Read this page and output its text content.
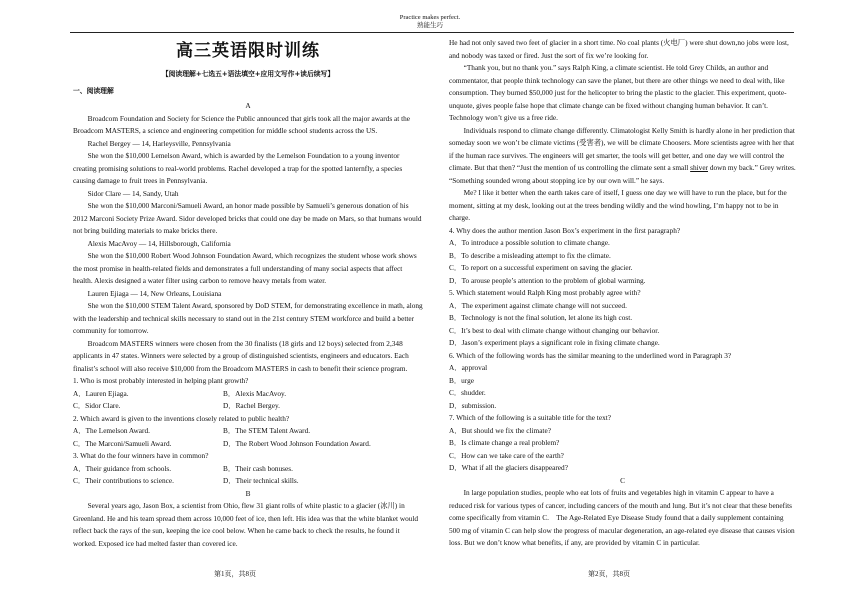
Practice makes perfect.
熟能生巧
高三英语限时训练
【阅读理解+七选五+语法填空+应用文写作+读后续写】
一、阅读理解
A

Broadcom Foundation and Society for Science the Public announced that girls took all the major awards at the Broadcom MASTERS, a science and engineering competition for middle school students across the US.

Rachel Bergey — 14, Harleysville, Pennsylvania

She won the $10,000 Lemelson Award, which is awarded by the Lemelson Foundation to a young inventor creating promising solutions to real-world problems. Rachel developed a trap for the spotted lanternfly, a species causing damage to fruit trees in Pennsylvania.

Sidor Clare — 14, Sandy, Utah

She won the $10,000 Marconi/Samueli Award, an honor made possible by Samueli’s generous donation of his 2012 Marconi Society Prize Award. Sidor developed bricks that could one day be made on Mars, so that humans would not bring building materials to make bricks there.

Alexis MacAvoy — 14, Hillsborough, California

She won the $10,000 Robert Wood Johnson Foundation Award, which recognizes the student whose work shows the most promise in health-related fields and demonstrates a full understanding of many social aspects that affect health. Alexis designed a water filter using carbon to remove heavy metals from water.

Lauren Ejiaga — 14, New Orleans, Louisiana

She won the $10,000 STEM Talent Award, sponsored by DoD STEM, for demonstrating excellence in math, along with the leadership and technical skills necessary to stand out in the 21st century STEM workforce and build a better community for tomorrow.

Broadcom MASTERS winners were chosen from the 30 finalists (18 girls and 12 boys) selected from 2,348 applicants in 47 states. Winners were selected by a group of distinguished scientists, engineers and educators. Each finalist’s school will also receive $10,000 from the Broadcom MASTERS in cash to benefit their science program.

1. Who is most probably interested in helping plant growth?

A．Lauren Ejiaga.	B．Alexis MacAvoy.
C．Sidor Clare.	D．Rachel Bergey.

2. Which award is given to the inventions closely related to public health?

A．The Lemelson Award.	B．The STEM Talent Award.
C．The Marconi/Samueli Award.	D．The Robert Wood Johnson Foundation Award.

3. What do the four winners have in common?

A．Their guidance from schools.	B．Their cash bonuses.
C．Their contributions to science.	D．Their technical skills.
B

Several years ago, Jason Box, a scientist from Ohio, flew 31 giant rolls of white plastic to a glacier (冰川) in Greenland. He and his team spread them across 10,000 feet of ice, then left. His idea was that the white blanket would reflect back the rays of the sun, keeping the ice cool below. When he came back to check the results, he found it worked. Exposed ice had melted faster than covered ice.

He had not only saved two feet of glacier in a short time. No coal plants (火电厂) were shut down,no jobs were lost, and nobody was taxed or fired. Just the sort of fix we’re looking for.

“Thank you, but no thank you.” says Ralph King, a climate scientist. He told Grey Childs, an author and commentator, that people think technology can save the planet, but there are other things we need to deal with, like consumption. They burned $50,000 just for the helicopter to bring the plastic to the glacier. This experiment, quote-unquote, gives people false hope that climate change can be fixed without changing human behavior. It can’t. Technology won’t give us a free ride.

Individuals respond to climate change differently. Climatologist Kelly Smith is hardly alone in her prediction that someday soon we won’t be climate victims (受害者), we will be climate Choosers. More scientists agree with her that if the human race survives. The engineers will get smarter, the tools will get better, and one day we will control the climate. But that then? “Just the mention of us controlling the climate sent a small shiver down my back.” Grey writes. “Something sounded wrong about stopping ice by our own will.” he says.

Me? I like it better when the earth takes care of itself, I guess one day we will have to run the place, but for the moment, sitting at my desk, looking out at the trees bending wildly and the wind howling, I’m happy not to be in charge.　

4. Why does the author mention Jason Box’s experiment in the first paragraph?

A．To introduce a possible solution to climate change.

B．To describe a misleading attempt to fix the climate.

C．To report on a successful experiment on saving the glacier.

D．To arouse people’s attention to the problem of global warming.　

5. Which statement would Ralph King most probably agree with?

A．The experiment against climate change will not succeed.

B．Technology is not the final solution, let alone its high cost.

C．It’s best to deal with climate change without changing our behavior.

D．Jason’s experiment plays a significant role in fixing climate change.　

6. Which of the following words has the similar meaning to the underlined word in Paragraph 3?

A．approval

B．urge

C．shudder.

D．submission.　

7. Which of the following is a suitable title for the text?

A．But should we fix the climate?

B．Is climate change a real problem?

C．How can we take care of the earth?

D．What if all the glaciers disappeared?

C

In large population studies, people who eat lots of fruits and vegetables high in vitamin C appear to have a reduced risk for various types of cancer, including cancers of the mouth and lung. But it’s not clear that these benefits come specifically from vitamin C.　The Age-Related Eye Disease Study found that a daily supplement containing 500 mg of vitamin C can help slow the progress of macular degeneration, an age-related eye disease that causes vision loss. But we don’t know what benefits, if any, are provided by vitamin C in particular.

第1页，共8页	第2页，共8页
